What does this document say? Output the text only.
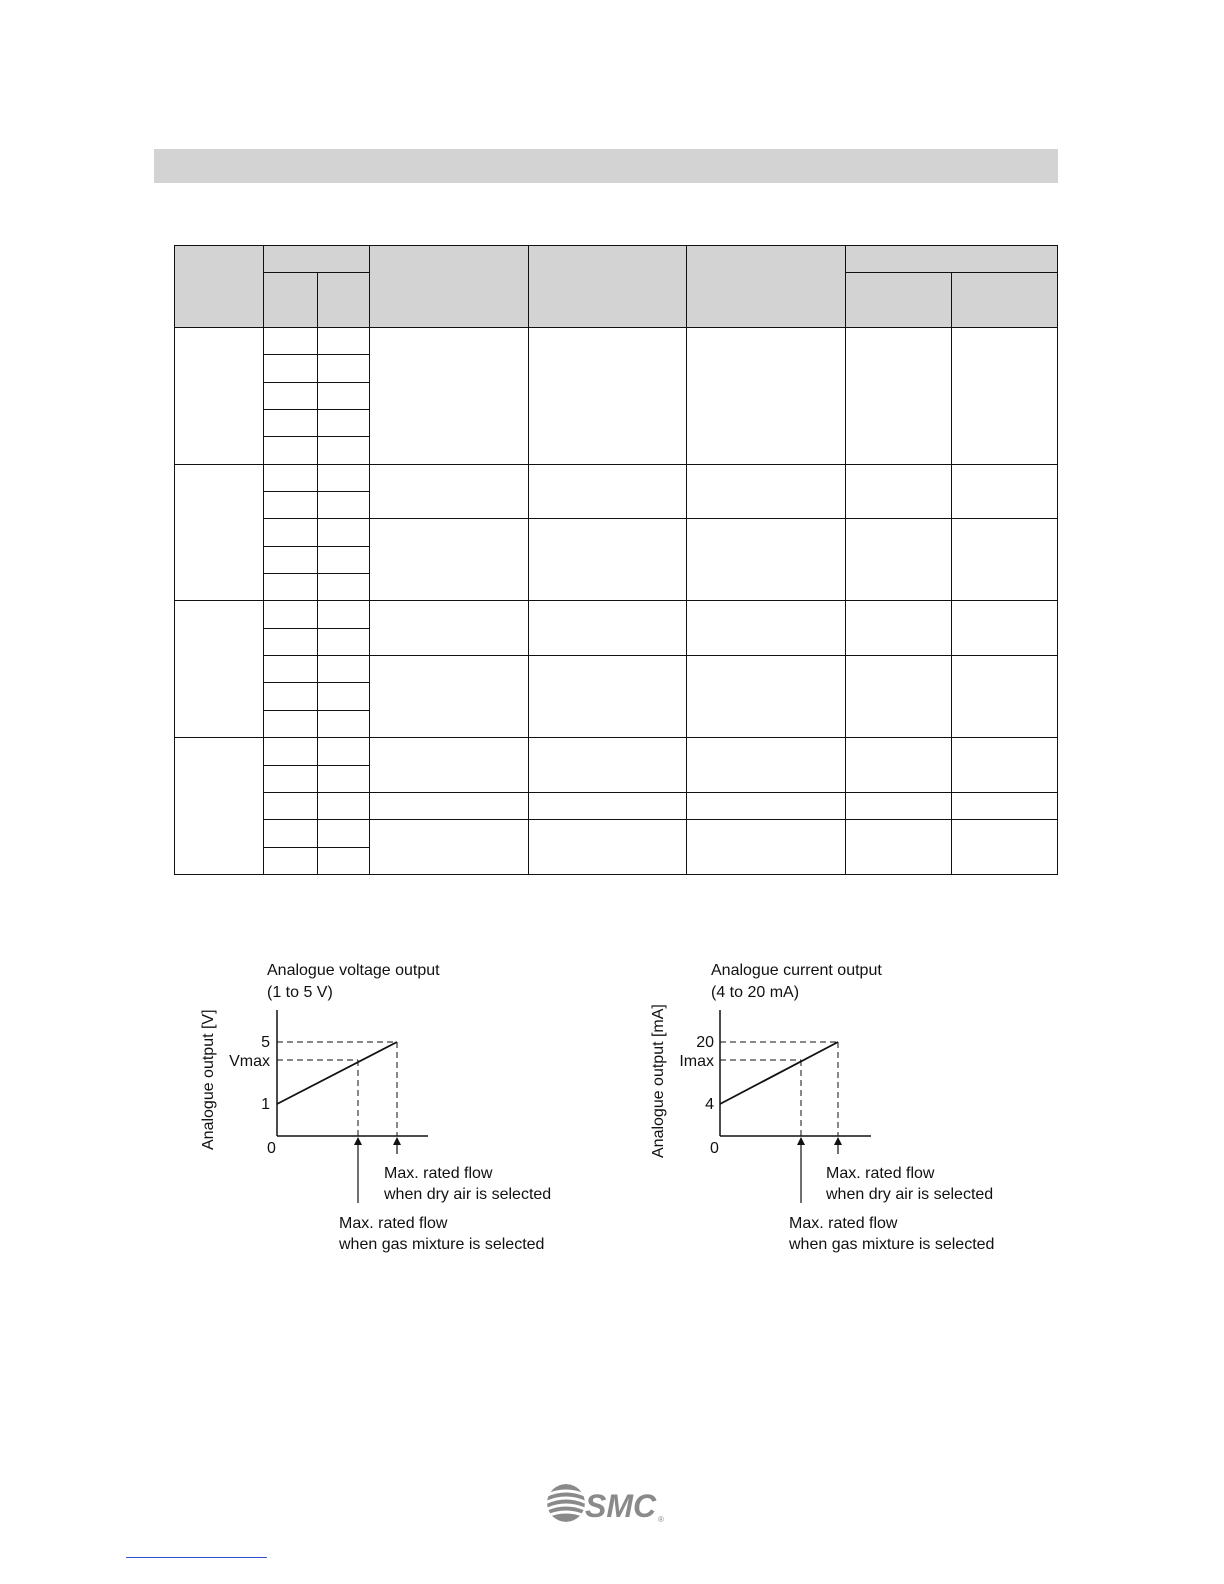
Analogue voltage output
(1 to 5 V)
Analogue output [V]	5
Vmax
1
0
Max. rated flow
when dry air is selected
Max. rated flow
when gas mixture is selected
Analogue current output
(4 to 20 mA)
Analogue output [mA] 20
Imax
4
0
Max. rated flow
when dry air is selected
Max. rated flow
when gas mixture is selected
SMC ®
